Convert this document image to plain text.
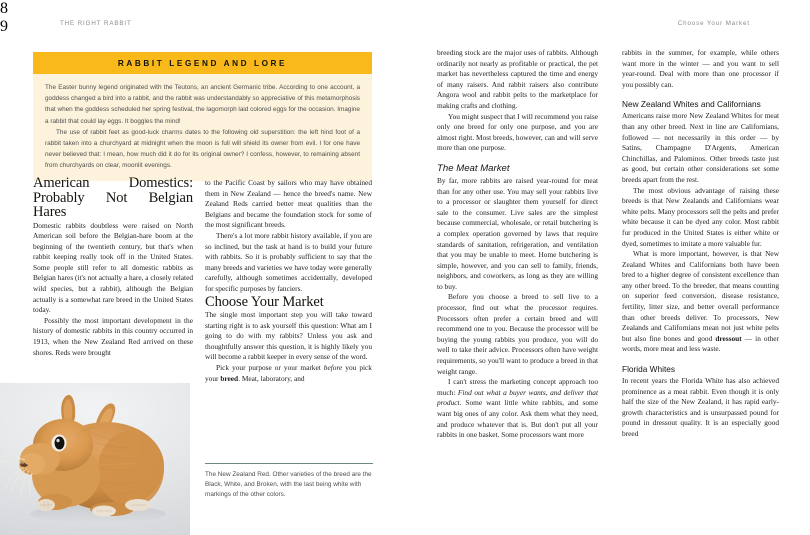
8
THE RIGHT RABBIT	Choose Your Market
9
RABBIT LEGEND AND LORE

The Easter bunny legend originated with the Teutons, an ancient Germanic tribe. According to one account, a goddess changed a bird into a rabbit, and the rabbit was understandably so appreciative of this metamorphosis that when the goddess scheduled her spring festival, the lagomorph laid colored eggs for the occasion. Imagine a rabbit that could lay eggs. It boggles the mind!

The use of rabbit feet as good-luck charms dates to the following old superstition: the left hind foot of a rabbit taken into a churchyard at midnight when the moon is full will shield its owner from evil. I for one have never believed that: I mean, how much did it do for its original owner? I confess, however, to remaining absent from churchyards on clear, moonlit evenings.

American Domestics: Probably Not Belgian Hares

Domestic rabbits doubtless were raised on North American soil before the Belgian-hare boom at the beginning of the twentieth century, but that's when rabbit keeping really took off in the United States. Some people still refer to all domestic rabbits as Belgian hares (it's not actually a hare, a closely related wild species, but a rabbit), although the Belgian actually is a somewhat rare breed in the United States today.

Possibly the most important development in the history of domestic rabbits in this country occurred in 1913, when the New Zealand Red arrived on these shores. Reds were brought

to the Pacific Coast by sailors who may have obtained them in New Zealand — hence the breed's name. New Zealand Reds carried better meat qualities than the Belgians and became the foundation stock for some of the most significant breeds.

There's a lot more rabbit history available, if you are so inclined, but the task at hand is to build your future with rabbits. So it is probably sufficient to say that the many breeds and varieties we have today were generally carefully, although sometimes accidentally, developed for specific purposes by fanciers.

Choose Your Market

The single most important step you will take toward starting right is to ask yourself this question: What am I going to do with my rabbits? Unless you ask and thoughtfully answer this question, it is highly likely you will become a rabbit keeper in every sense of the word.

Pick your purpose or your market before you pick your breed. Meat, laboratory, and

The New Zealand Red. Other varieties of the breed are the Black, White, and Broken, with the last being white with markings of the other colors.

breeding stock are the major uses of rabbits. Although ordinarily not nearly as profitable or practical, the pet market has nevertheless captured the time and energy of many raisers. And rabbit raisers also contribute Angora wool and rabbit pelts to the marketplace for making crafts and clothing.

You might suspect that I will recommend you raise only one breed for only one purpose, and you are almost right. Most breeds, however, can and will serve more than one purpose.

The Meat Market

By far, more rabbits are raised year-round for meat than for any other use. You may sell your rabbits live to a processor or slaughter them yourself for direct sale to the consumer. Live sales are the simplest because commercial, wholesale, or retail butchering is a complex operation governed by laws that require standards of sanitation, refrigeration, and ventilation that you may be unable to meet. Home butchering is simple, however, and you can sell to family, friends, neighbors, and coworkers, as long as they are willing to buy.

Before you choose a breed to sell live to a processor, find out what the processor requires. Processors often prefer a certain breed and will recommend one to you. Because the processor will be buying the young rabbits you produce, you will do well to take their advice. Processors often have weight requirements, so you'll want to produce a breed in that weight range.

I can't stress the marketing concept approach too much: Find out what a buyer wants, and deliver that product. Some want little white rabbits, and some want big ones of any color. Ask them what they need, and produce whatever that is. But don't put all your rabbits in one basket. Some processors want more

rabbits in the summer, for example, while others want more in the winter — and you want to sell year-round. Deal with more than one processor if you possibly can.

New Zealand Whites and Californians

Americans raise more New Zealand Whites for meat than any other breed. Next in line are Californians, followed — not necessarily in this order — by Satins, Champagne D'Argents, American Chinchillas, and Palominos. Other breeds taste just as good, but certain other considerations set some breeds apart from the rest.

The most obvious advantage of raising these breeds is that New Zealands and Californians wear white pelts. Many processors sell the pelts and prefer white because it can be dyed any color. Most rabbit fur produced in the United States is either white or dyed, sometimes to imitate a more valuable fur.

What is more important, however, is that New Zealand Whites and Californians both have been bred to a higher degree of consistent excellence than any other breed. To the breeder, that means counting on superior feed conversion, disease resistance, fertility, litter size, and better overall performance than other breeds deliver. To processors, New Zealands and Californians mean not just white pelts but also fine bones and good dressout — in other words, more meat and less waste.

Florida Whites

In recent years the Florida White has also achieved prominence as a meat rabbit. Even though it is only half the size of the New Zealand, it has rapid early-growth characteristics and is unsurpassed pound for pound in dressout quality. It is an especially good breed
